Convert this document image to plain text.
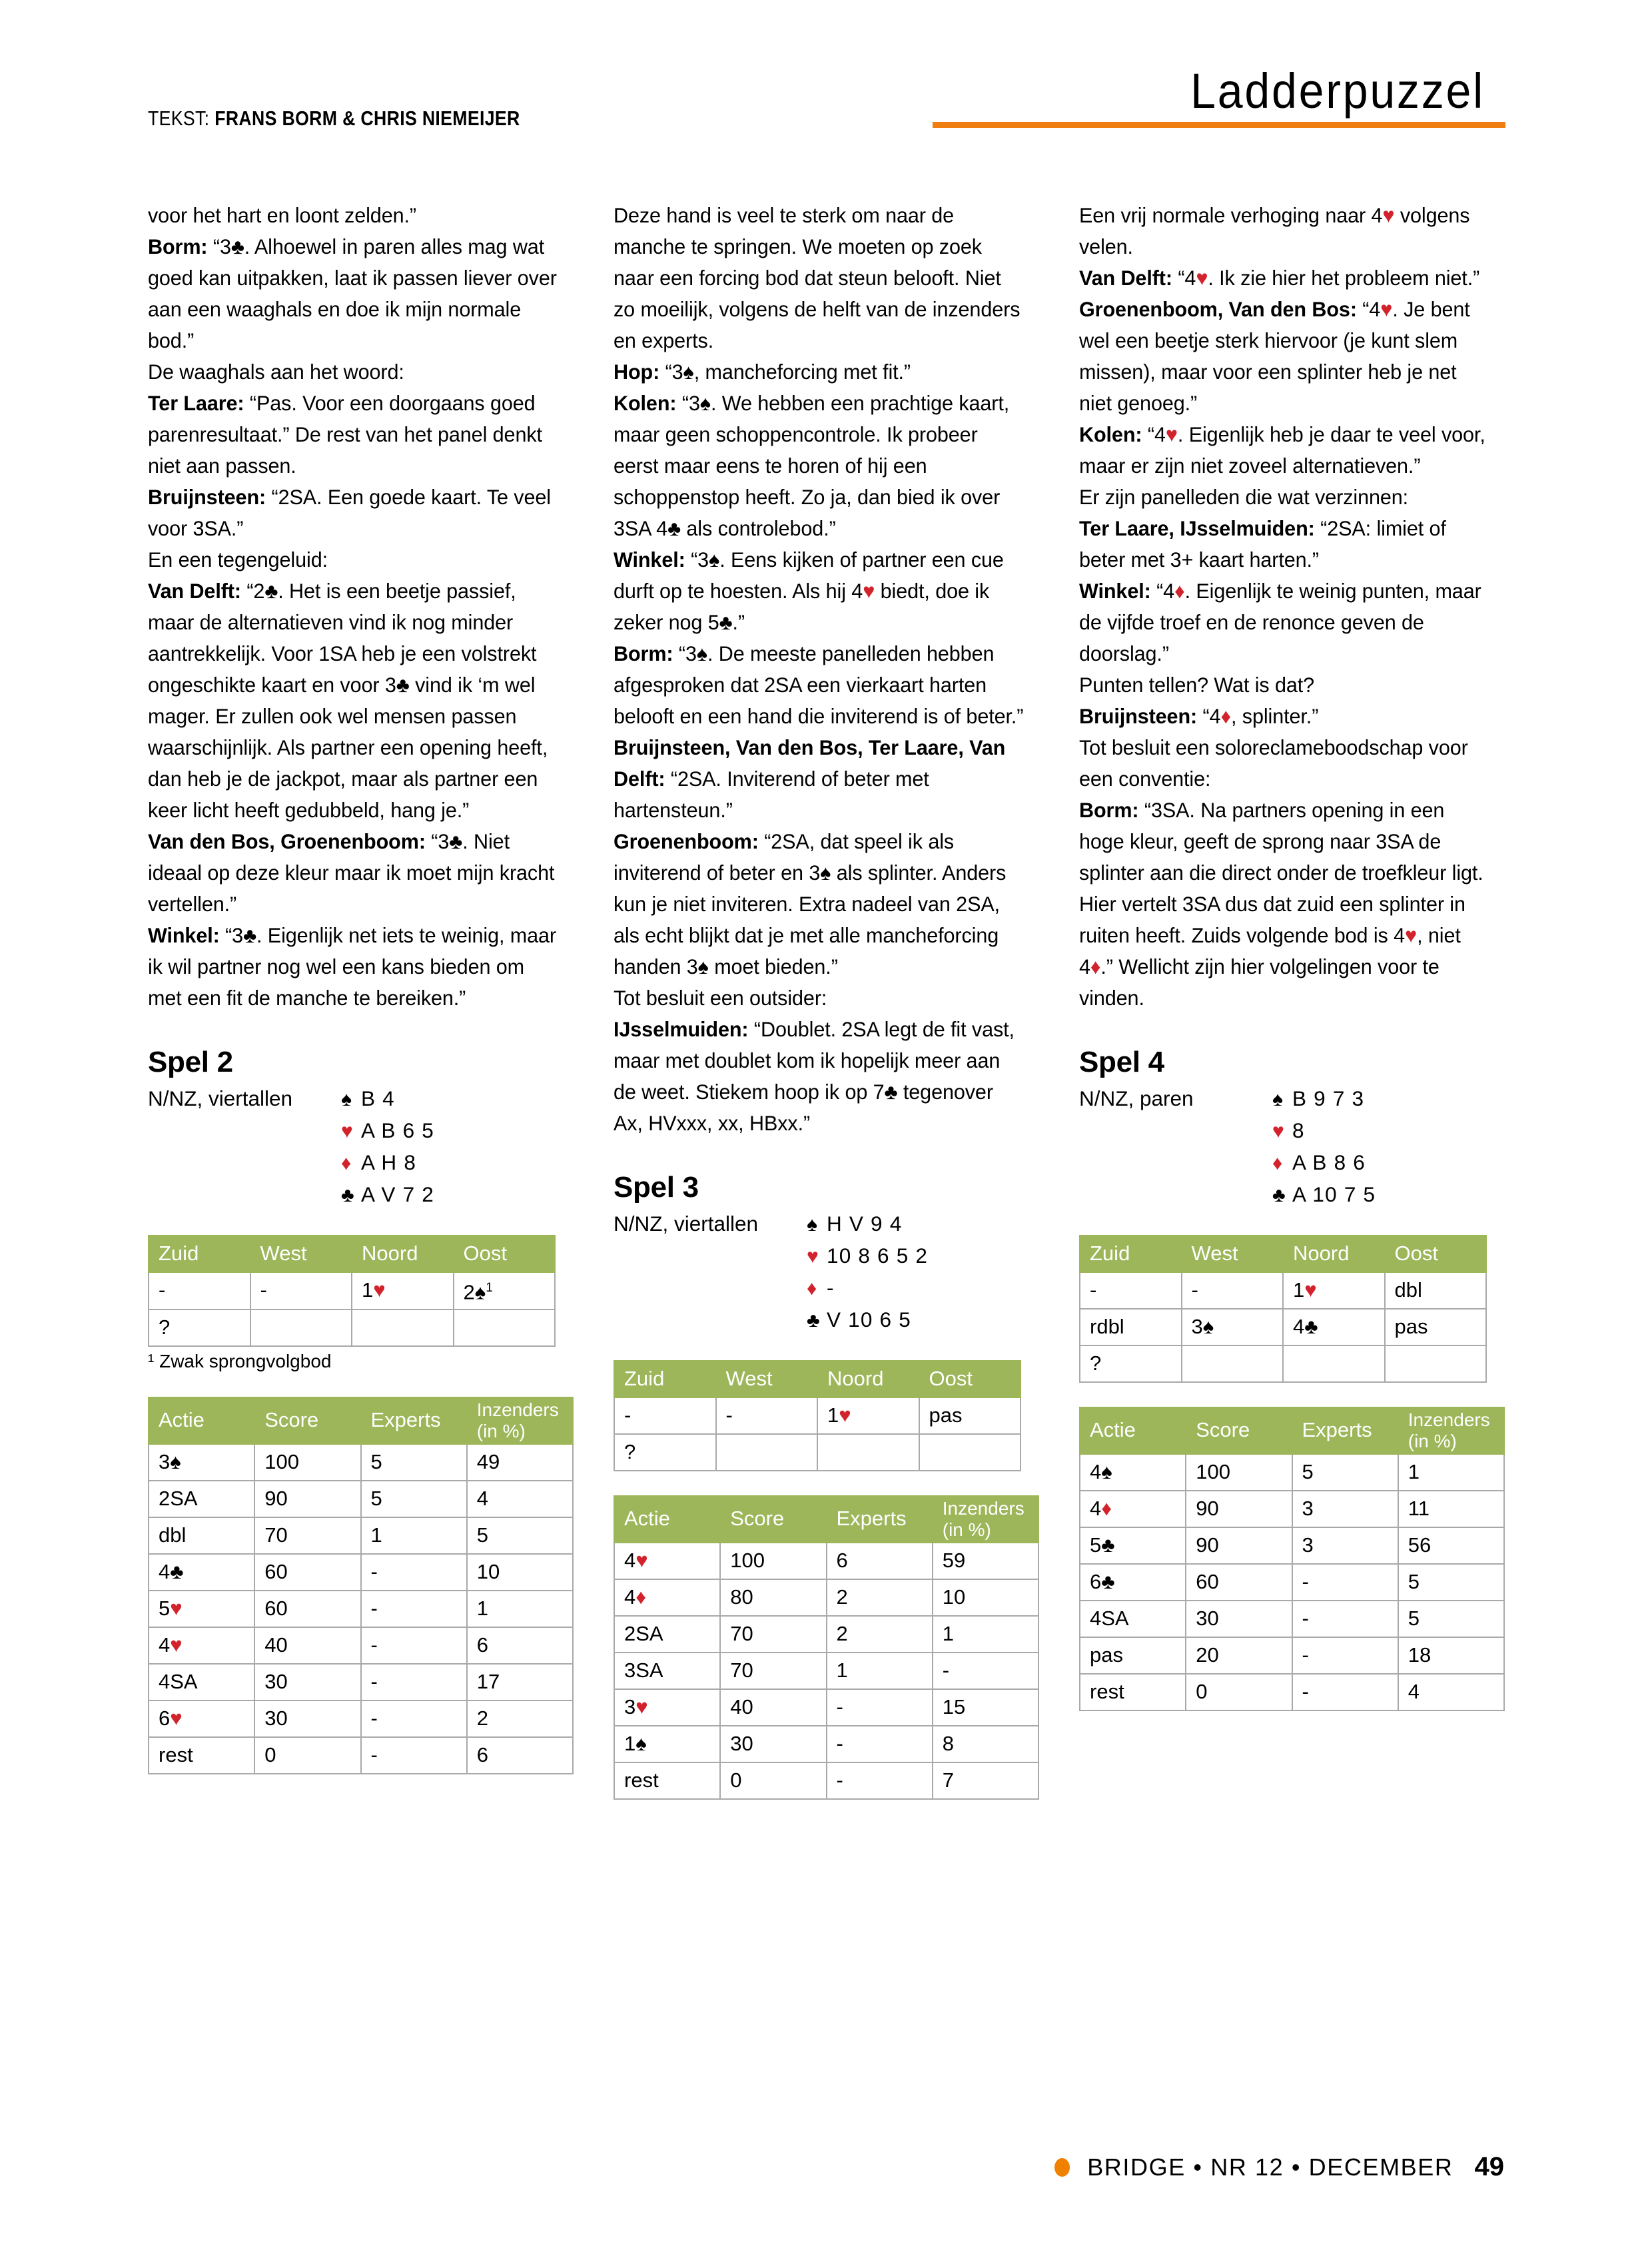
TEKST: FRANS BORM & CHRIS NIEMEIJER	Ladderpuzzel

voor het hart en loont zelden.”

Borm: “3♣. Alhoewel in paren alles mag wat goed kan uitpakken, laat ik passen liever over aan een waaghals en doe ik mijn normale bod.”

De waaghals aan het woord:

Ter Laare: “Pas. Voor een doorgaans goed parenresultaat.” De rest van het panel denkt niet aan passen.

Bruijnsteen: “2SA. Een goede kaart. Te veel voor 3SA.”

En een tegengeluid:

Van Delft: “2♣. Het is een beetje passief, maar de alternatieven vind ik nog minder aantrekkelijk. Voor 1SA heb je een volstrekt ongeschikte kaart en voor 3♣ vind ik ‘m wel mager. Er zullen ook wel mensen passen waarschijnlijk. Als partner een opening heeft, dan heb je de jackpot, maar als partner een keer licht heeft gedubbeld, hang je.”

Van den Bos, Groenenboom: “3♣. Niet ideaal op deze kleur maar ik moet mijn kracht vertellen.”

Winkel: “3♣. Eigenlijk net iets te weinig, maar ik wil partner nog wel een kans bieden om met een fit de manche te bereiken.”

Spel 2
N/NZ, viertallen	♠ B 4
♥ A B 6 5
♦ A H 8
♣ A V 7 2
Zuid	West	Noord	Oost
-	-	1♥	2♠$^1$
?			
¹ Zwak sprongvolgbod
Actie	Score	Experts	Inzenders
(in %)
3♠	100	5	49
2SA	90	5	4
dbl	70	1	5
4♣	60	-	10
5♥	60	-	1
4♥	40	-	6
4SA	30	-	17
6♥	30	-	2
rest	0	-	6

Deze hand is veel te sterk om naar de manche te springen. We moeten op zoek naar een forcing bod dat steun belooft. Niet zo moeilijk, volgens de helft van de inzenders en experts.

Hop: “3♠, mancheforcing met fit.”

Kolen: “3♠. We hebben een prachtige kaart, maar geen schoppencontrole. Ik probeer eerst maar eens te horen of hij een schoppenstop heeft. Zo ja, dan bied ik over 3SA 4♣ als controlebod.”

Winkel: “3♠. Eens kijken of partner een cue durft op te hoesten. Als hij 4♥ biedt, doe ik zeker nog 5♣.”

Borm: “3♠. De meeste panelleden hebben afgesproken dat 2SA een vierkaart harten belooft en een hand die inviterend is of beter.”

Bruijnsteen, Van den Bos, Ter Laare, Van Delft: “2SA. Inviterend of beter met hartensteun.”

Groenenboom: “2SA, dat speel ik als inviterend of beter en 3♠ als splinter. Anders kun je niet inviteren. Extra nadeel van 2SA, als echt blijkt dat je met alle mancheforcing handen 3♠ moet bieden.”

Tot besluit een outsider:

IJsselmuiden: “Doublet. 2SA legt de fit vast, maar met doublet kom ik hopelijk meer aan de weet. Stiekem hoop ik op 7♣ tegenover Ax, HVxxx, xx, HBxx.”

Spel 3
N/NZ, viertallen	♠ H V 9 4
♥ 10 8 6 5 2
♦ -
♣ V 10 6 5
Zuid	West	Noord	Oost
-	-	1♥	pas
?			
Actie	Score	Experts	Inzenders
(in %)
4♥	100	6	59
4♦	80	2	10
2SA	70	2	1
3SA	70	1	-
3♥	40	-	15
1♠	30	-	8
rest	0	-	7

Een vrij normale verhoging naar 4♥ volgens velen.

Van Delft: “4♥. Ik zie hier het probleem niet.”

Groenenboom, Van den Bos: “4♥. Je bent wel een beetje sterk hiervoor (je kunt slem missen), maar voor een splinter heb je net niet genoeg.”

Kolen: “4♥. Eigenlijk heb je daar te veel voor, maar er zijn niet zoveel alternatieven.”

Er zijn panelleden die wat verzinnen:

Ter Laare, IJsselmuiden: “2SA: limiet of beter met 3+ kaart harten.”

Winkel: “4♦. Eigenlijk te weinig punten, maar de vijfde troef en de renonce geven de doorslag.”

Punten tellen? Wat is dat?

Bruijnsteen: “4♦, splinter.”

Tot besluit een soloreclameboodschap voor een conventie:

Borm: “3SA. Na partners opening in een hoge kleur, geeft de sprong naar 3SA de splinter aan die direct onder de troefkleur ligt. Hier vertelt 3SA dus dat zuid een splinter in ruiten heeft. Zuids volgende bod is 4♥, niet 4♦.” Wellicht zijn hier volgelingen voor te vinden.

Spel 4
N/NZ, paren	♠ B 9 7 3
♥ 8
♦ A B 8 6
♣ A 10 7 5
Zuid	West	Noord	Oost
-	-	1♥	dbl
rdbl	3♠	4♣	pas
?			
Actie	Score	Experts	Inzenders
(in %)
4♠	100	5	1
4♦	90	3	11
5♣	90	3	56
6♣	60	-	5
4SA	30	-	5
pas	20	-	18
rest	0	-	4
BRIDGE • NR 12 • DECEMBER 49
